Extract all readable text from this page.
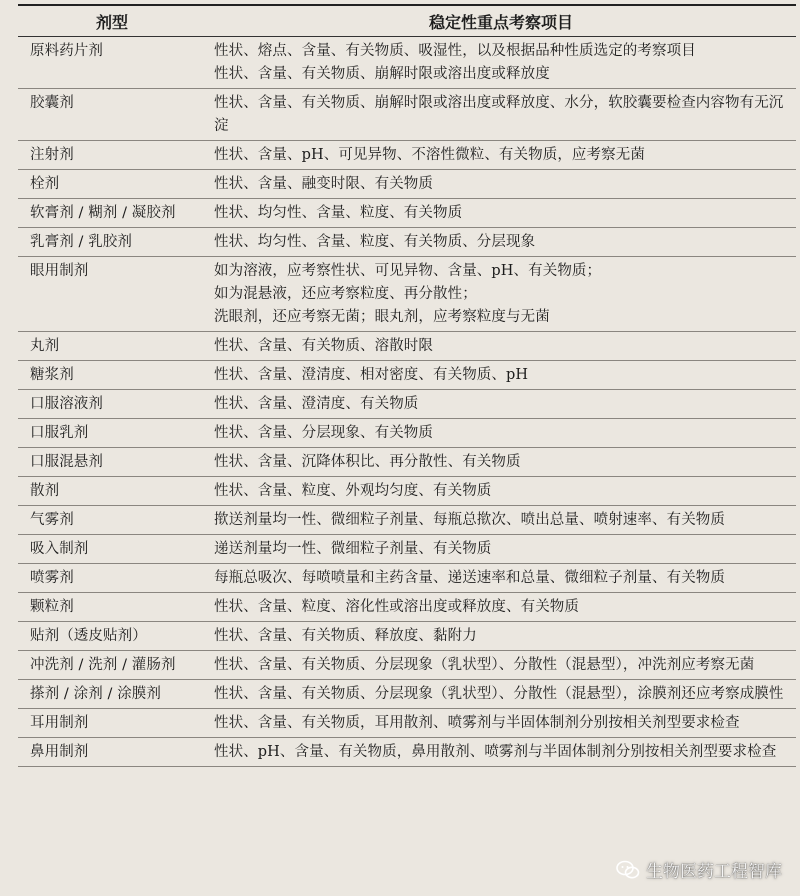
剂型	稳定性重点考察项目
原料药片剂	性状、熔点、含量、有关物质、吸湿性，以及根据品种性质选定的考察项目
性状、含量、有关物质、崩解时限或溶出度或释放度

胶囊剂	性状、含量、有关物质、崩解时限或溶出度或释放度、水分，软胶囊要检查内容物有无沉淀

注射剂	性状、含量、pH、可见异物、不溶性微粒、有关物质，应考察无菌

栓剂	性状、含量、融变时限、有关物质

软膏剂 / 糊剂 / 凝胶剂	性状、均匀性、含量、粒度、有关物质

乳膏剂 / 乳胶剂	性状、均匀性、含量、粒度、有关物质、分层现象

眼用制剂	如为溶液，应考察性状、可见异物、含量、pH、有关物质；
如为混悬液，还应考察粒度、再分散性；
洗眼剂，还应考察无菌；眼丸剂，应考察粒度与无菌

丸剂	性状、含量、有关物质、溶散时限

糖浆剂	性状、含量、澄清度、相对密度、有关物质、pH

口服溶液剂	性状、含量、澄清度、有关物质

口服乳剂	性状、含量、分层现象、有关物质

口服混悬剂	性状、含量、沉降体积比、再分散性、有关物质

散剂	性状、含量、粒度、外观均匀度、有关物质

气雾剂	揿送剂量均一性、微细粒子剂量、每瓶总揿次、喷出总量、喷射速率、有关物质

吸入制剂	递送剂量均一性、微细粒子剂量、有关物质

喷雾剂	每瓶总吸次、每喷喷量和主药含量、递送速率和总量、微细粒子剂量、有关物质

颗粒剂	性状、含量、粒度、溶化性或溶出度或释放度、有关物质

贴剂（透皮贴剂）	性状、含量、有关物质、释放度、黏附力

冲洗剂 / 洗剂 / 灌肠剂	性状、含量、有关物质、分层现象（乳状型）、分散性（混悬型），冲洗剂应考察无菌

搽剂 / 涂剂 / 涂膜剂	性状、含量、有关物质、分层现象（乳状型）、分散性（混悬型），涂膜剂还应考察成膜性

耳用制剂	性状、含量、有关物质，耳用散剂、喷雾剂与半固体制剂分别按相关剂型要求检查

鼻用制剂	性状、pH、含量、有关物质，鼻用散剂、喷雾剂与半固体制剂分别按相关剂型要求检查
生物医药工程智库
